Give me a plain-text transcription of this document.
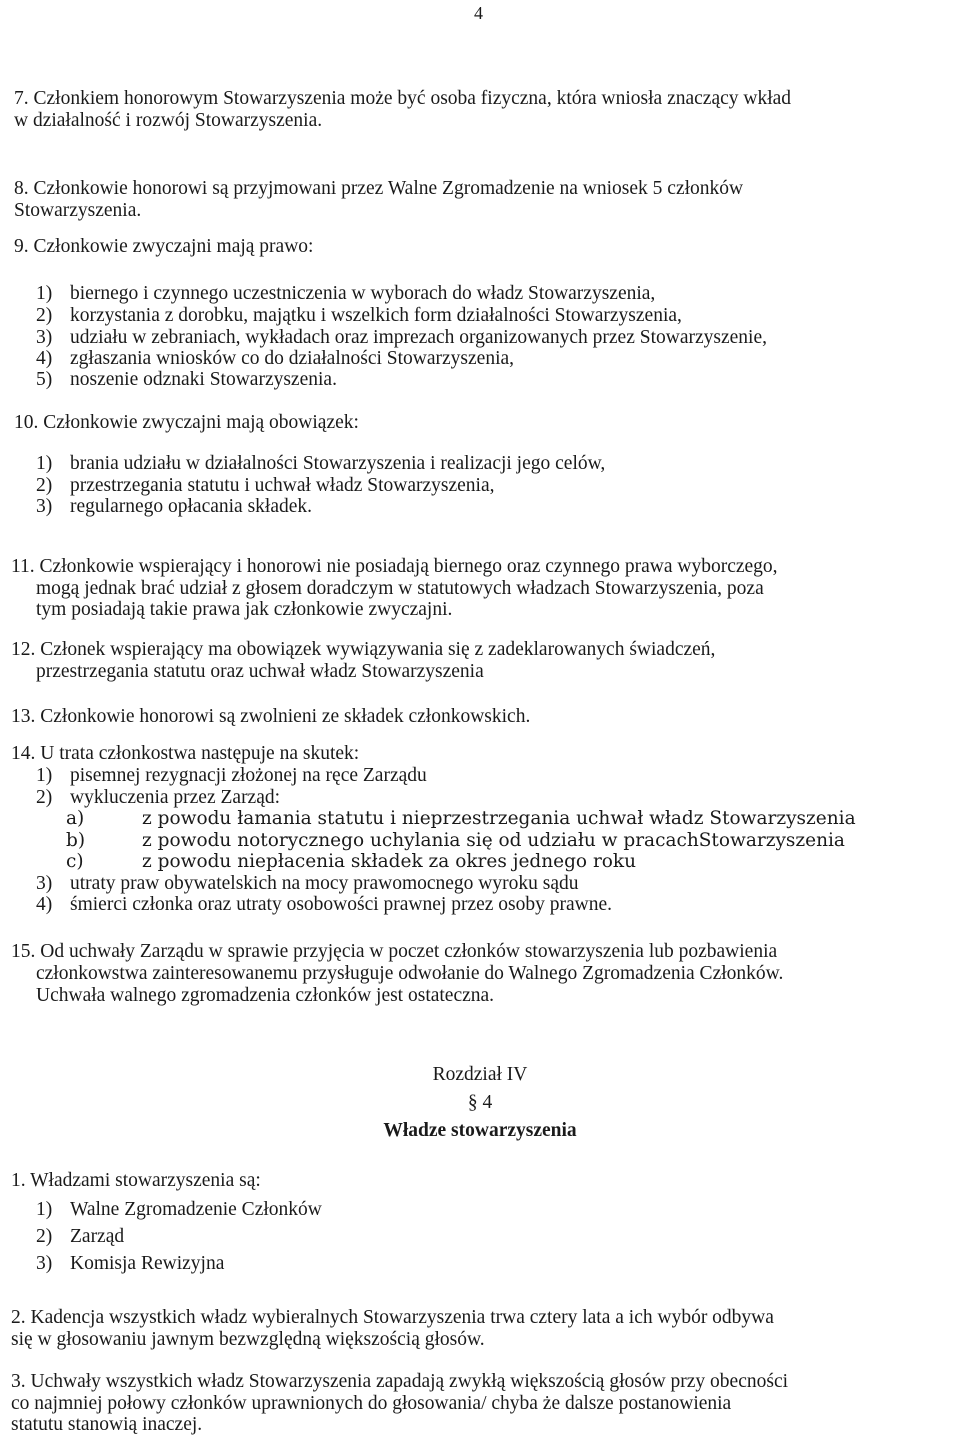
4
7. Członkiem honorowym Stowarzyszenia może być osoba fizyczna, która wniosła znaczący wkład
w działalność i rozwój Stowarzyszenia.
8. Członkowie honorowi są przyjmowani przez Walne Zgromadzenie na wniosek 5 członków
Stowarzyszenia.
9. Członkowie zwyczajni mają prawo:
1) biernego i czynnego uczestniczenia w wyborach do władz Stowarzyszenia,
2) korzystania z dorobku, majątku i wszelkich form działalności Stowarzyszenia,
3) udziału w zebraniach, wykładach oraz imprezach organizowanych przez Stowarzyszenie,
4) zgłaszania wniosków co do działalności Stowarzyszenia,
5) noszenie odznaki Stowarzyszenia.
10. Członkowie zwyczajni mają obowiązek:
1) brania udziału w działalności Stowarzyszenia i realizacji jego celów,
2) przestrzegania statutu i uchwał władz Stowarzyszenia,
3) regularnego opłacania składek.
11. Członkowie wspierający i honorowi nie posiadają biernego oraz czynnego prawa wyborczego,
mogą jednak brać udział z głosem doradczym w statutowych władzach Stowarzyszenia, poza
tym posiadają takie prawa jak członkowie zwyczajni.
12. Członek wspierający ma obowiązek wywiązywania się z zadeklarowanych świadczeń,
przestrzegania statutu oraz uchwał władz Stowarzyszenia
13. Członkowie honorowi są zwolnieni ze składek członkowskich.
14. U trata członkostwa następuje na skutek:
1) pisemnej rezygnacji złożonej na ręce Zarządu
2) wykluczenia przez Zarząd:
a)	z powodu łamania statutu i nieprzestrzegania uchwał władz Stowarzyszenia
b)	z powodu notorycznego uchylania się od udziału w pracachStowarzyszenia
c)	z powodu niepłacenia składek za okres jednego roku
3) utraty praw obywatelskich na mocy prawomocnego wyroku sądu
4) śmierci członka oraz utraty osobowości prawnej przez osoby prawne.
15. Od uchwały Zarządu w sprawie przyjęcia w poczet członków stowarzyszenia lub pozbawienia
członkowstwa zainteresowanemu przysługuje odwołanie do Walnego Zgromadzenia Członków.
Uchwała walnego zgromadzenia członków jest ostateczna.
Rozdział IV
§ 4
Władze stowarzyszenia
1. Władzami stowarzyszenia są:
1) Walne Zgromadzenie Członków
2) Zarząd
3) Komisja Rewizyjna
2. Kadencja wszystkich władz wybieralnych Stowarzyszenia trwa cztery lata a ich wybór odbywa
się w głosowaniu jawnym bezwzględną większością głosów.
3. Uchwały wszystkich władz Stowarzyszenia zapadają zwykłą większością głosów przy obecności
co najmniej połowy członków uprawnionych do głosowania/ chyba że dalsze postanowienia
statutu stanowią inaczej.
